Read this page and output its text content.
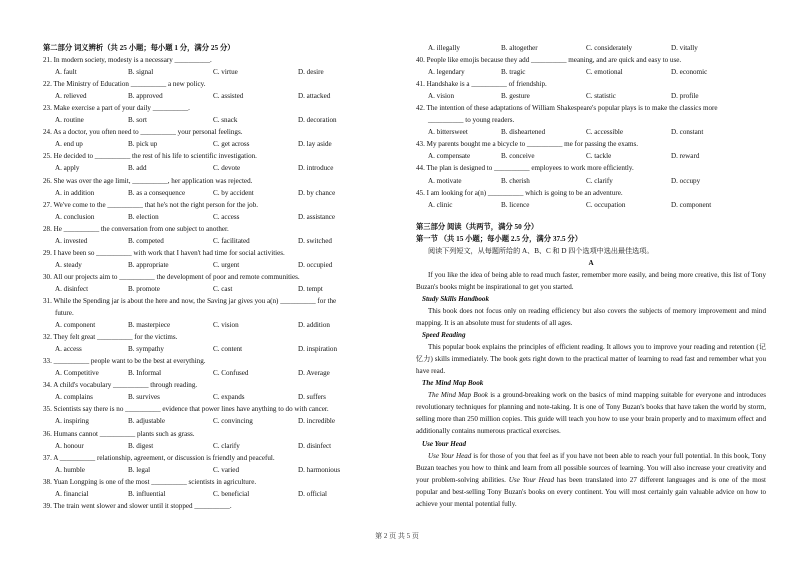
第二部分 词义辨析（共 25 小题；每小题 1 分，满分 25 分）
21. In modern society, modesty is a necessary __________.
A. fault	B. signal	C. virtue	D. desire
22. The Ministry of Education __________ a new policy.
A. relieved	B. approved	C. assisted	D. attacked
23. Make exercise a part of your daily __________.
A. routine	B. sort	C. snack	D. decoration
24. As a doctor, you often need to __________ your personal feelings.
A. end up	B. pick up	C. get across	D. lay aside
25. He decided to __________ the rest of his life to scientific investigation.
A. apply	B. add	C. devote	D. introduce
26. She was over the age limit, __________, her application was rejected.
A. in addition	B. as a consequence	C. by accident	D. by chance
27. We've come to the __________ that he's not the right person for the job.
A. conclusion	B. election	C. access	D. assistance
28. He __________ the conversation from one subject to another.
A. invested	B. competed	C. facilitated	D. switched
29. I have been so __________ with work that I haven't had time for social activities.
A. steady	B. appropriate	C. urgent	D. occupied
30. All our projects aim to __________ the development of poor and remote communities.
A. disinfect	B. promote	C. cast	D. tempt
31. While the Spending jar is about the here and now, the Saving jar gives you a(n) __________ for the
future.
A. component	B. masterpiece	C. vision	D. addition
32. They felt great __________ for the victims.
A. access	B. sympathy	C. content	D. inspiration
33. __________ people want to be the best at everything.
A. Competitive	B. Informal	C. Confused	D. Average
34. A child's vocabulary __________ through reading.
A. complains	B. survives	C. expands	D. suffers
35. Scientists say there is no __________ evidence that power lines have anything to do with cancer.
A. inspiring	B. adjustable	C. convincing	D. incredible
36. Humans cannot __________ plants such as grass.
A. honour	B. digest	C. clarify	D. disinfect
37. A __________ relationship, agreement, or discussion is friendly and peaceful.
A. humble	B. legal	C. varied	D. harmonious
38. Yuan Longping is one of the most __________ scientists in agriculture.
A. financial	B. influential	C. beneficial	D. official
39. The train went slower and slower until it stopped __________.
A. illegally	B. altogether	C. considerately	D. vitally
40. People like emojis because they add __________ meaning, and are quick and easy to use.
A. legendary	B. tragic	C. emotional	D. economic
41. Handshake is a __________ of friendship.
A. vision	B. gesture	C. statistic	D. profile
42. The intention of these adaptations of William Shakespeare's popular plays is to make the classics more
__________ to young readers.
A. bittersweet	B. disheartened	C. accessible	D. constant
43. My parents bought me a bicycle to __________ me for passing the exams.
A. compensate	B. conceive	C. tackle	D. reward
44. The plan is designed to __________ employees to work more efficiently.
A. motivate	B. cherish	C. clarify	D. occupy
45. I am looking for a(n) __________ which is going to be an adventure.
A. clinic	B. licence	C. occupation	D. component
第三部分 阅读（共两节，满分 50 分）
第一节 （共 15 小题；每小题 2.5 分，满分 37.5 分）
阅读下列短文，从每题所给的 A、B、C 和 D 四个选项中选出最佳选项。
A
If you like the idea of being able to read much faster, remember more easily, and being more creative, this list of Tony Buzan's books might be inspirational to get you started.
Study Skills Handbook
This book does not focus only on reading efficiency but also covers the subjects of memory improvement and mind mapping. It is an absolute must for students of all ages.
Speed Reading
This popular book explains the principles of efficient reading. It allows you to improve your reading and retention (记忆力) skills immediately. The book gets right down to the practical matter of learning to read fast and remember what you have read.
The Mind Map Book
The Mind Map Book is a ground-breaking work on the basics of mind mapping suitable for everyone and introduces revolutionary techniques for planning and note-taking. It is one of Tony Buzan's books that have taken the world by storm, selling more than 250 million copies. This guide will teach you how to use your brain properly and to maximum effect and additionally contains numerous practical exercises.
Use Your Head
Use Your Head is for those of you that feel as if you have not been able to reach your full potential. In this book, Tony Buzan teaches you how to think and learn from all possible sources of learning. You will also increase your creativity and your problem-solving abilities. Use Your Head has been translated into 27 different languages and is one of the most popular and best-selling Tony Buzan's books on every continent. You will most certainly gain valuable advice on how to achieve your mental potential fully.
第 2 页 共 5 页
